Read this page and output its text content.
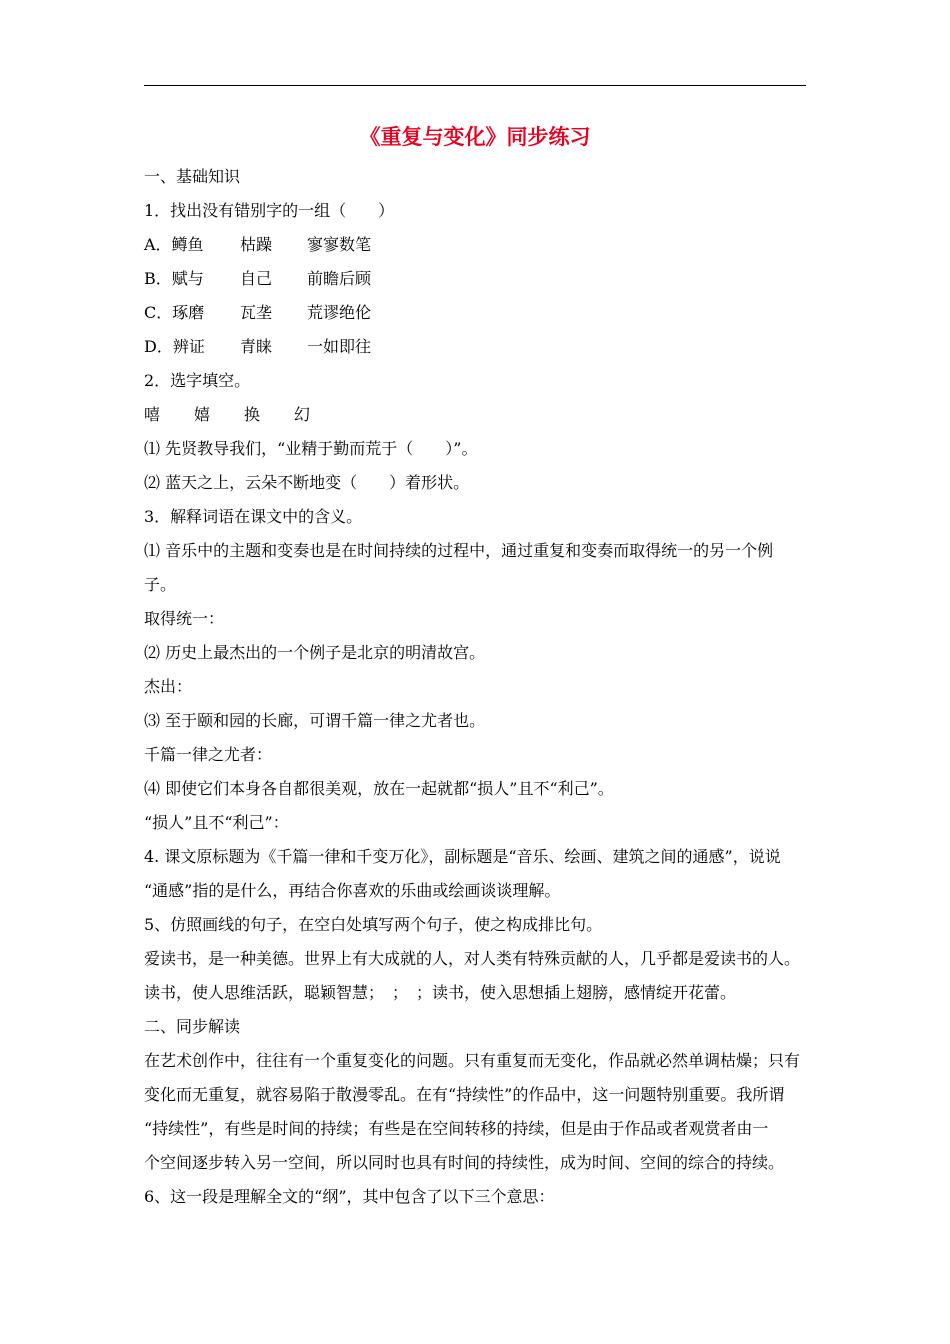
《重复与变化》同步练习
一、基础知识
1．找出没有错别字的一组（　　）
A．鳟鱼 枯躁 寥寥数笔
B．赋与 自己 前瞻后顾
C．琢磨 瓦垄 荒谬绝伦
D．辨证 青睐 一如即往
2．选字填空。
嘻 嬉 换 幻
⑴ 先贤教导我们，“业精于勤而荒于（　　）”。
⑵ 蓝天之上，云朵不断地变（　　）着形状。
3．解释词语在课文中的含义。
⑴ 音乐中的主题和变奏也是在时间持续的过程中，通过重复和变奏而取得统一的另一个例
子。
取得统一：
⑵ 历史上最杰出的一个例子是北京的明清故宫。
杰出：
⑶ 至于颐和园的长廊，可谓千篇一律之尤者也。
千篇一律之尤者：
⑷ 即使它们本身各自都很美观，放在一起就都“损人”且不“利己”。
“损人”且不“利己”：
4. 课文原标题为《千篇一律和千变万化》，副标题是“音乐、绘画、建筑之间的通感”，说说
“通感”指的是什么，再结合你喜欢的乐曲或绘画谈谈理解。
5、仿照画线的句子，在空白处填写两个句子，使之构成排比句。
爱读书，是一种美德。世界上有大成就的人，对人类有特殊贡献的人，几乎都是爱读书的人。
读书，使人思维活跃，聪颖智慧；　；　；读书，使入思想插上翅膀，感情绽开花蕾。
二、同步解读
在艺术创作中，往往有一个重复变化的问题。只有重复而无变化，作品就必然单调枯燥；只有
变化而无重复，就容易陷于散漫零乱。在有“持续性”的作品中，这一问题特别重要。我所谓
“持续性”，有些是时间的持续；有些是在空间转移的持续，但是由于作品或者观赏者由一
个空间逐步转入另一空间，所以同时也具有时间的持续性，成为时间、空间的综合的持续。
6、这一段是理解全文的“纲”，其中包含了以下三个意思：
